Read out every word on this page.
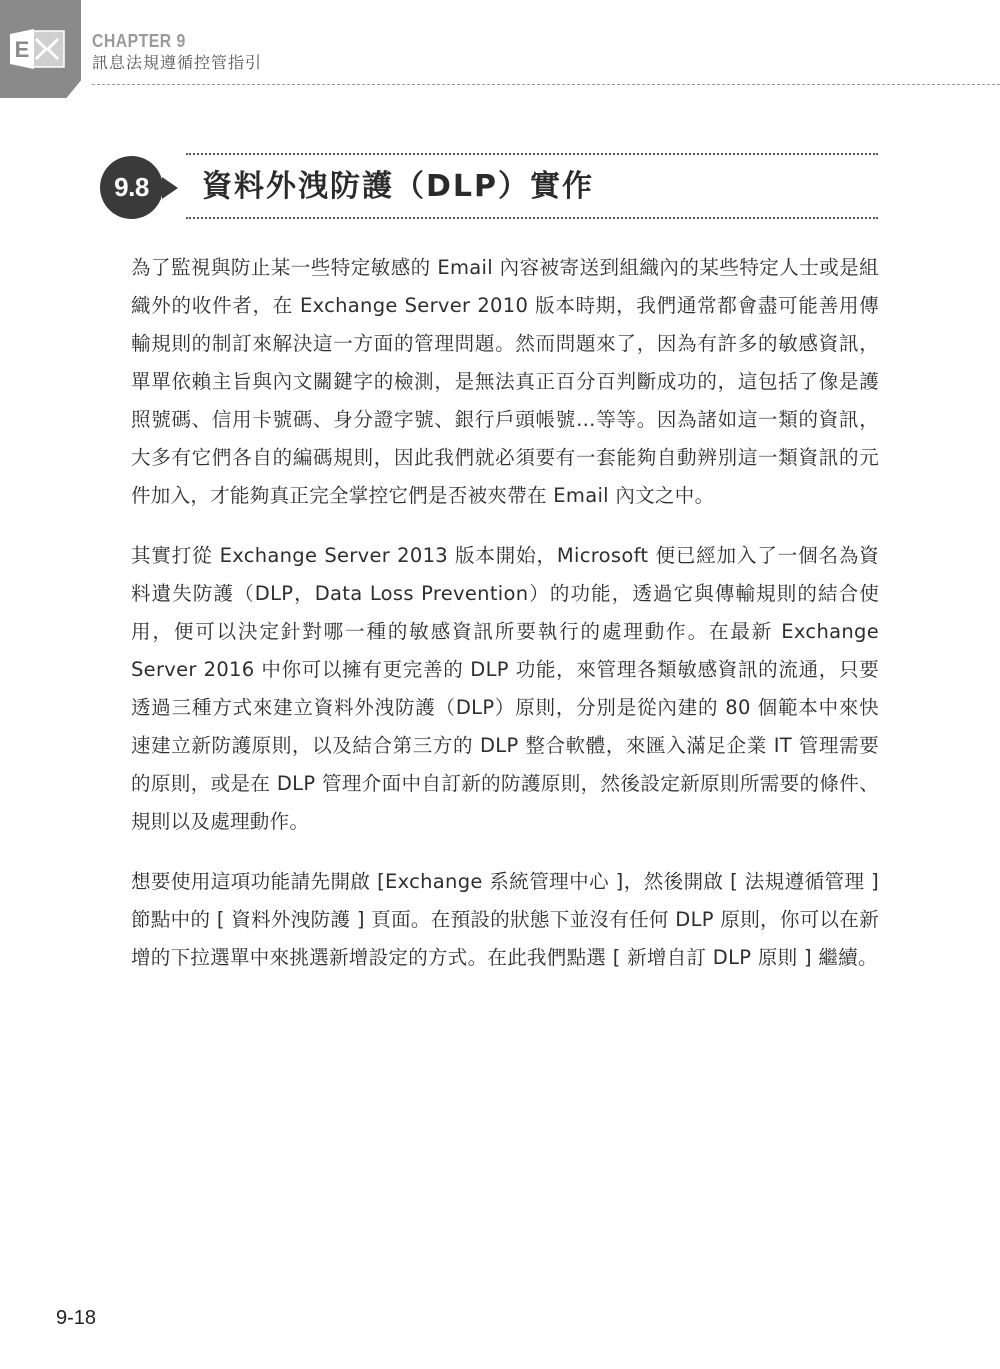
E	CHAPTER 9
訊息法規遵循控管指引
9.8	資料外洩防護（DLP）實作

為了監視與防止某一些特定敏感的 Email 內容被寄送到組織內的某些特定人士或是組織外的收件者，在 Exchange Server 2010 版本時期，我們通常都會盡可能善用傳輸規則的制訂來解決這一方面的管理問題。然而問題來了，因為有許多的敏感資訊，單單依賴主旨與內文關鍵字的檢測，是無法真正百分百判斷成功的，這包括了像是護照號碼、信用卡號碼、身分證字號、銀行戶頭帳號…等等。因為諸如這一類的資訊，大多有它們各自的編碼規則，因此我們就必須要有一套能夠自動辨別這一類資訊的元件加入，才能夠真正完全掌控它們是否被夾帶在 Email 內文之中。

其實打從 Exchange Server 2013 版本開始，Microsoft 便已經加入了一個名為資料遺失防護（DLP，Data Loss Prevention）的功能，透過它與傳輸規則的結合使用，便可以決定針對哪一種的敏感資訊所要執行的處理動作。在最新 Exchange Server 2016 中你可以擁有更完善的 DLP 功能，來管理各類敏感資訊的流通，只要透過三種方式來建立資料外洩防護（DLP）原則，分別是從內建的 80 個範本中來快速建立新防護原則，以及結合第三方的 DLP 整合軟體，來匯入滿足企業 IT 管理需要的原則，或是在 DLP 管理介面中自訂新的防護原則，然後設定新原則所需要的條件、規則以及處理動作。

想要使用這項功能請先開啟 [Exchange 系統管理中心 ]，然後開啟 [ 法規遵循管理 ] 節點中的 [ 資料外洩防護 ] 頁面。在預設的狀態下並沒有任何 DLP 原則，你可以在新增的下拉選單中來挑選新增設定的方式。在此我們點選 [ 新增自訂 DLP 原則 ] 繼續。

9-18
